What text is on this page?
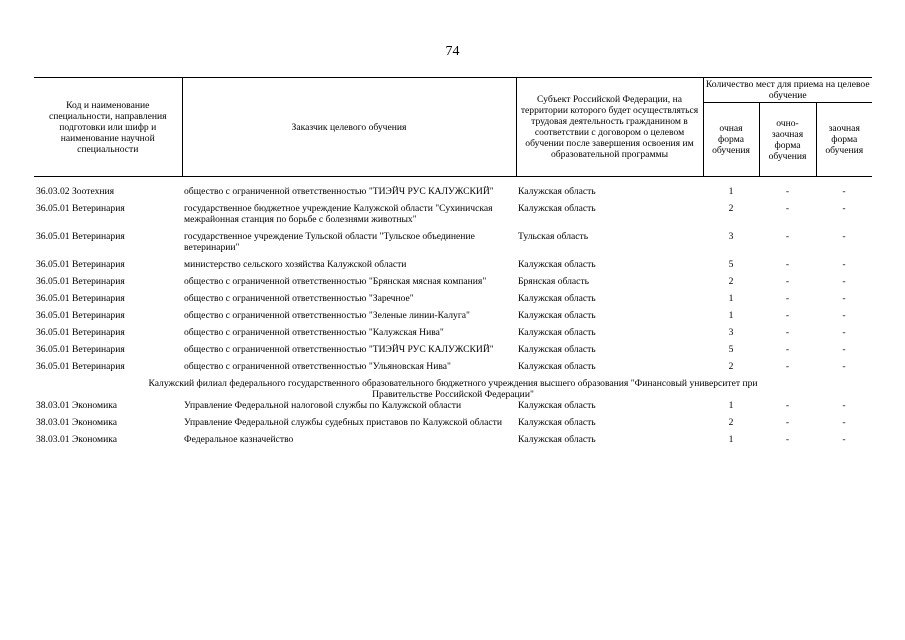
74
Код и наименование специальности, направления подготовки или шифр и наименование научной специальности	Заказчик целевого обучения	Субъект Российской Федерации, на территории которого будет осуществляться трудовая деятельность гражданином в соответствии с договором о целевом обучении после завершения освоения им образовательной программы	Количество мест для приема на целевое обучение		
			очная форма обучения	очно-заочная форма обучения	заочная форма обучения

36.03.02 Зоотехния	общество с ограниченной ответственностью "ТИЭЙЧ РУС КАЛУЖСКИЙ"	Калужская область	1	-	-
36.05.01 Ветеринария	государственное бюджетное учреждение Калужской области "Сухиничская межрайонная станция по борьбе с болезнями животных"	Калужская область	2	-	-
36.05.01 Ветеринария	государственное учреждение Тульской области "Тульское объединение ветеринарии"	Тульская область	3	-	-
36.05.01 Ветеринария	министерство сельского хозяйства Калужской области	Калужская область	5	-	-
36.05.01 Ветеринария	общество с ограниченной ответственностью "Брянская мясная компания"	Брянская область	2	-	-
36.05.01 Ветеринария	общество с ограниченной ответственностью "Заречное"	Калужская область	1	-	-
36.05.01 Ветеринария	общество с ограниченной ответственностью "Зеленые линии-Калуга"	Калужская область	1	-	-
36.05.01 Ветеринария	общество с ограниченной ответственностью "Калужская Нива"	Калужская область	3	-	-
36.05.01 Ветеринария	общество с ограниченной ответственностью "ТИЭЙЧ РУС КАЛУЖСКИЙ"	Калужская область	5	-	-
36.05.01 Ветеринария	общество с ограниченной ответственностью "Ульяновская Нива"	Калужская область	2	-	-
Калужский филиал федерального государственного образовательного бюджетного учреждения высшего образования "Финансовый университет при Правительстве Российской Федерации"					
38.03.01 Экономика	Управление Федеральной налоговой службы по Калужской области	Калужская область	1	-	-
38.03.01 Экономика	Управление Федеральной службы судебных приставов по Калужской области	Калужская область	2	-	-
38.03.01 Экономика	Федеральное казначейство	Калужская область	1	-	-
